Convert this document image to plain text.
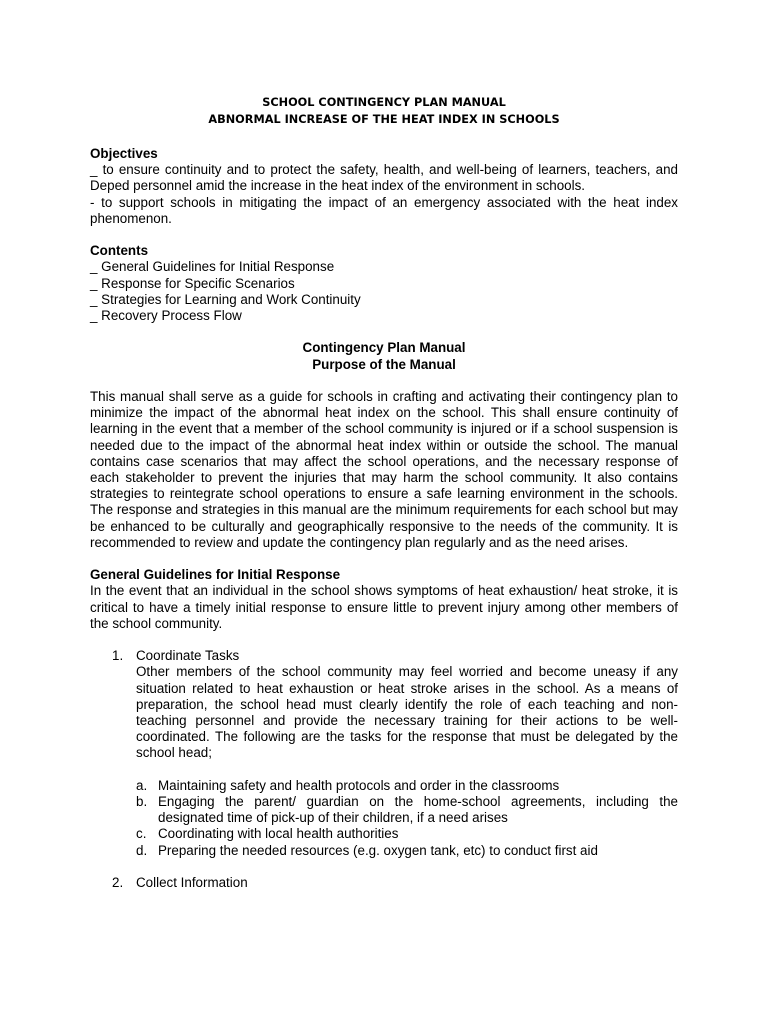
SCHOOL CONTINGENCY PLAN MANUAL
ABNORMAL INCREASE OF THE HEAT INDEX IN SCHOOLS
Objectives

_ to ensure continuity and to protect the safety, health, and well-being of learners, teachers, and Deped personnel amid the increase in the heat index of the environment in schools.

- to support schools in mitigating the impact of an emergency associated with the heat index phenomenon.

Contents
_ General Guidelines for Initial Response
_ Response for Specific Scenarios
_ Strategies for Learning and Work Continuity
_ Recovery Process Flow
Contingency Plan Manual
Purpose of the Manual

This manual shall serve as a guide for schools in crafting and activating their contingency plan to minimize the impact of the abnormal heat index on the school. This shall ensure continuity of learning in the event that a member of the school community is injured or if a school suspension is needed due to the impact of the abnormal heat index within or outside the school. The manual contains case scenarios that may affect the school operations, and the necessary response of each stakeholder to prevent the injuries that may harm the school community. It also contains strategies to reintegrate school operations to ensure a safe learning environment in the schools. The response and strategies in this manual are the minimum requirements for each school but may be enhanced to be culturally and geographically responsive to the needs of the community. It is recommended to review and update the contingency plan regularly and as the need arises.

General Guidelines for Initial Response

In the event that an individual in the school shows symptoms of heat exhaustion/ heat stroke, it is critical to have a timely initial response to ensure little to prevent injury among other members of the school community.

1. Coordinate Tasks

Other members of the school community may feel worried and become uneasy if any situation related to heat exhaustion or heat stroke arises in the school. As a means of preparation, the school head must clearly identify the role of each teaching and non-teaching personnel and provide the necessary training for their actions to be well-coordinated. The following are the tasks for the response that must be delegated by the school head;

a. Maintaining safety and health protocols and order in the classrooms
b. Engaging the parent/ guardian on the home-school agreements, including the designated time of pick-up of their children, if a need arises
c. Coordinating with local health authorities
d. Preparing the needed resources (e.g. oxygen tank, etc) to conduct first aid
2. Collect Information
